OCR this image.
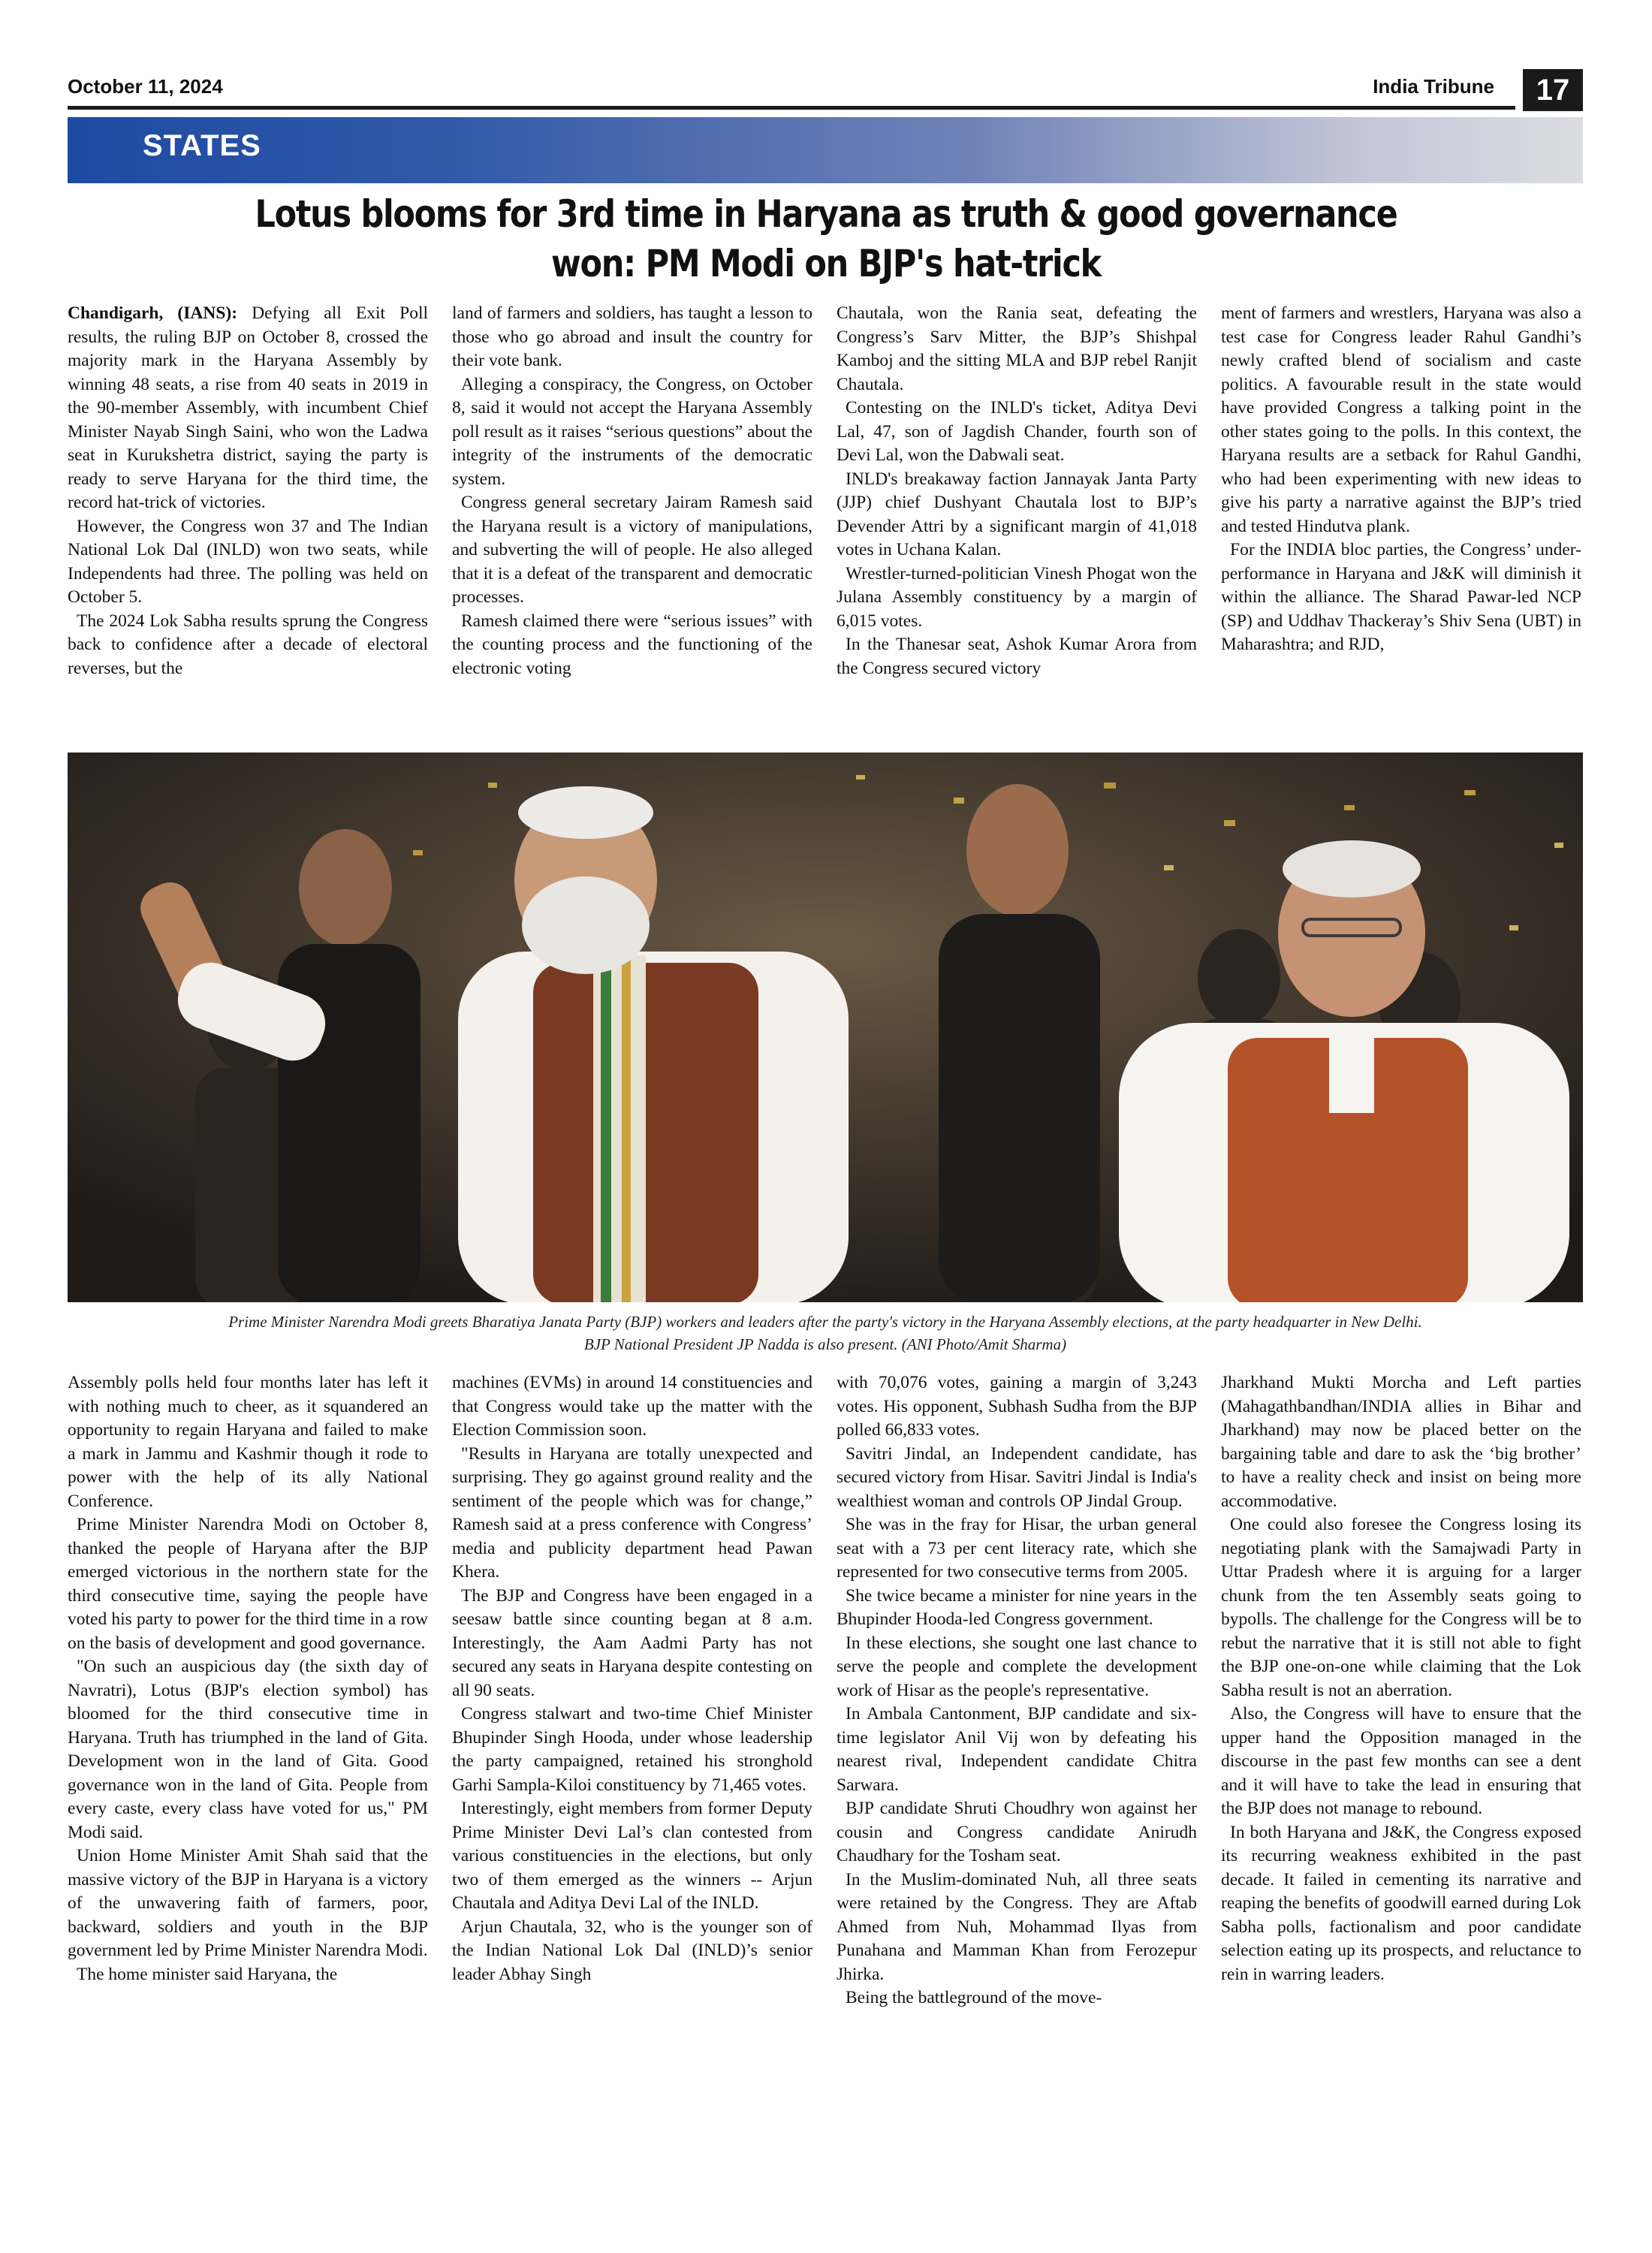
October 11, 2024	India Tribune	17
STATES
Lotus blooms for 3rd time in Haryana as truth & good governance
won: PM Modi on BJP's hat-trick

Chandigarh, (IANS): Defying all Exit Poll results, the ruling BJP on October 8, crossed the majority mark in the Haryana Assembly by winning 48 seats, a rise from 40 seats in 2019 in the 90-member Assembly, with incumbent Chief Minister Nayab Singh Saini, who won the Ladwa seat in Kurukshetra district, saying the party is ready to serve Haryana for the third time, the record hat-trick of victories.

However, the Congress won 37 and The Indian National Lok Dal (INLD) won two seats, while Independents had three. The polling was held on October 5.

The 2024 Lok Sabha results sprung the Congress back to confidence after a decade of electoral reverses, but the

land of farmers and soldiers, has taught a lesson to those who go abroad and insult the country for their vote bank.

Alleging a conspiracy, the Congress, on October 8, said it would not accept the Haryana Assembly poll result as it raises “serious questions” about the integrity of the instruments of the democratic system.

Congress general secretary Jairam Ramesh said the Haryana result is a victory of manipulations, and subverting the will of people. He also alleged that it is a defeat of the transparent and democratic processes.

Ramesh claimed there were “serious issues” with the counting process and the functioning of the electronic voting

Chautala, won the Rania seat, defeating the Congress’s Sarv Mitter, the BJP’s Shishpal Kamboj and the sitting MLA and BJP rebel Ranjit Chautala.

Contesting on the INLD's ticket, Aditya Devi Lal, 47, son of Jagdish Chander, fourth son of Devi Lal, won the Dabwali seat.

INLD's breakaway faction Jannayak Janta Party (JJP) chief Dushyant Chautala lost to BJP’s Devender Attri by a significant margin of 41,018 votes in Uchana Kalan.

Wrestler-turned-politician Vinesh Phogat won the Julana Assembly constituency by a margin of 6,015 votes.

In the Thanesar seat, Ashok Kumar Arora from the Congress secured victory

ment of farmers and wrestlers, Haryana was also a test case for Congress leader Rahul Gandhi’s newly crafted blend of socialism and caste politics. A favourable result in the state would have provided Congress a talking point in the other states going to the polls. In this context, the Haryana results are a setback for Rahul Gandhi, who had been experimenting with new ideas to give his party a narrative against the BJP’s tried and tested Hindutva plank.

For the INDIA bloc parties, the Congress’ under-performance in Haryana and J&K will diminish it within the alliance. The Sharad Pawar-led NCP (SP) and Uddhav Thackeray’s Shiv Sena (UBT) in Maharashtra; and RJD,

Prime Minister Narendra Modi greets Bharatiya Janata Party (BJP) workers and leaders after the party's victory in the Haryana Assembly elections, at the party headquarter in New Delhi.
BJP National President JP Nadda is also present. (ANI Photo/Amit Sharma)

Assembly polls held four months later has left it with nothing much to cheer, as it squandered an opportunity to regain Haryana and failed to make a mark in Jammu and Kashmir though it rode to power with the help of its ally National Conference.

Prime Minister Narendra Modi on October 8, thanked the people of Haryana after the BJP emerged victorious in the northern state for the third consecutive time, saying the people have voted his party to power for the third time in a row on the basis of development and good governance.

"On such an auspicious day (the sixth day of Navratri), Lotus (BJP's election symbol) has bloomed for the third consecutive time in Haryana. Truth has triumphed in the land of Gita. Development won in the land of Gita. Good governance won in the land of Gita. People from every caste, every class have voted for us," PM Modi said.

Union Home Minister Amit Shah said that the massive victory of the BJP in Haryana is a victory of the unwavering faith of farmers, poor, backward, soldiers and youth in the BJP government led by Prime Minister Narendra Modi.

The home minister said Haryana, the

machines (EVMs) in around 14 constituencies and that Congress would take up the matter with the Election Commission soon.

"Results in Haryana are totally unexpected and surprising. They go against ground reality and the sentiment of the people which was for change,” Ramesh said at a press conference with Congress’ media and publicity department head Pawan Khera.

The BJP and Congress have been engaged in a seesaw battle since counting began at 8 a.m. Interestingly, the Aam Aadmi Party has not secured any seats in Haryana despite contesting on all 90 seats.

Congress stalwart and two-time Chief Minister Bhupinder Singh Hooda, under whose leadership the party campaigned, retained his stronghold Garhi Sampla-Kiloi constituency by 71,465 votes.

Interestingly, eight members from former Deputy Prime Minister Devi Lal’s clan contested from various constituencies in the elections, but only two of them emerged as the winners -- Arjun Chautala and Aditya Devi Lal of the INLD.

Arjun Chautala, 32, who is the younger son of the Indian National Lok Dal (INLD)’s senior leader Abhay Singh

with 70,076 votes, gaining a margin of 3,243 votes. His opponent, Subhash Sudha from the BJP polled 66,833 votes.

Savitri Jindal, an Independent candidate, has secured victory from Hisar. Savitri Jindal is India's wealthiest woman and controls OP Jindal Group.

She was in the fray for Hisar, the urban general seat with a 73 per cent literacy rate, which she represented for two consecutive terms from 2005.

She twice became a minister for nine years in the Bhupinder Hooda-led Congress government.

In these elections, she sought one last chance to serve the people and complete the development work of Hisar as the people's representative.

In Ambala Cantonment, BJP candidate and six-time legislator Anil Vij won by defeating his nearest rival, Independent candidate Chitra Sarwara.

BJP candidate Shruti Choudhry won against her cousin and Congress candidate Anirudh Chaudhary for the Tosham seat.

In the Muslim-dominated Nuh, all three seats were retained by the Congress. They are Aftab Ahmed from Nuh, Mohammad Ilyas from Punahana and Mamman Khan from Ferozepur Jhirka.

Being the battleground of the move-

Jharkhand Mukti Morcha and Left parties (Mahagathbandhan/INDIA allies in Bihar and Jharkhand) may now be placed better on the bargaining table and dare to ask the ‘big brother’ to have a reality check and insist on being more accommodative.

One could also foresee the Congress losing its negotiating plank with the Samajwadi Party in Uttar Pradesh where it is arguing for a larger chunk from the ten Assembly seats going to bypolls. The challenge for the Congress will be to rebut the narrative that it is still not able to fight the BJP one-on-one while claiming that the Lok Sabha result is not an aberration.

Also, the Congress will have to ensure that the upper hand the Opposition managed in the discourse in the past few months can see a dent and it will have to take the lead in ensuring that the BJP does not manage to rebound.

In both Haryana and J&K, the Congress exposed its recurring weakness exhibited in the past decade. It failed in cementing its narrative and reaping the benefits of goodwill earned during Lok Sabha polls, factionalism and poor candidate selection eating up its prospects, and reluctance to rein in warring leaders.
